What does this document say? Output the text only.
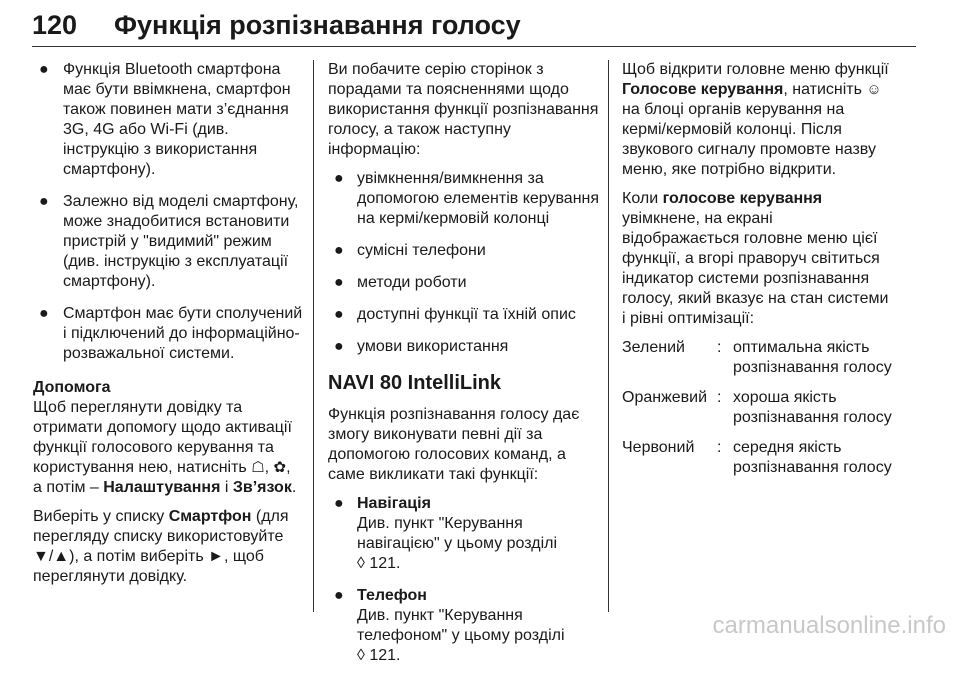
120 Функція розпізнавання голосу
● Функція Bluetooth смартфона має бути ввімкнена, смартфон також повинен мати з’єднання 3G, 4G або Wi-Fi (див. інструкцію з використання смартфону).
● Залежно від моделі смартфону, може знадобитися встановити пристрій у "видимий" режим (див. інструкцію з експлуатації смартфону).
● Смартфон має бути сполучений і підключений до інформаційно-розважальної системи.
Допомога

Щоб переглянути довідку та отримати допомогу щодо активації функції голосового керування та користування нею, натисніть ☖, ✿, а потім – Налаштування і Зв’язок.

Виберіть у списку Смартфон (для перегляду списку використовуйте ▼/▲), а потім виберіть ►, щоб переглянути довідку.

Ви побачите серію сторінок з порадами та поясненнями щодо використання функції розпізнавання голосу, а також наступну інформацію:

● увімкнення/вимкнення за допомогою елементів керування на кермі/кермовій колонці
● сумісні телефони
● методи роботи
● доступні функції та їхній опис
● умови використання
NAVI 80 IntelliLink

Функція розпізнавання голосу дає змогу виконувати певні дії за допомогою голосових команд, а саме викликати такі функції:

● Навігація
Див. пункт "Керування навігацією" у цьому розділі
◊ 121.
● Телефон
Див. пункт "Керування телефоном" у цьому розділі
◊ 121.

Щоб відкрити головне меню функції Голосове керування, натисніть ☺ на блоці органів керування на кермі/кермовій колонці. Після звукового сигналу промовте назву меню, яке потрібно відкрити.

Коли голосове керування увімкнене, на екрані відображається головне меню цієї функції, а вгорі праворуч світиться індикатор системи розпізнавання голосу, який вказує на стан системи і рівні оптимізації:

Зелений	: оптимальна якість розпізнавання голосу
Оранжевий : хороша якість розпізнавання голосу
Червоний	: середня якість розпізнавання голосу
carmanualsonline.info
